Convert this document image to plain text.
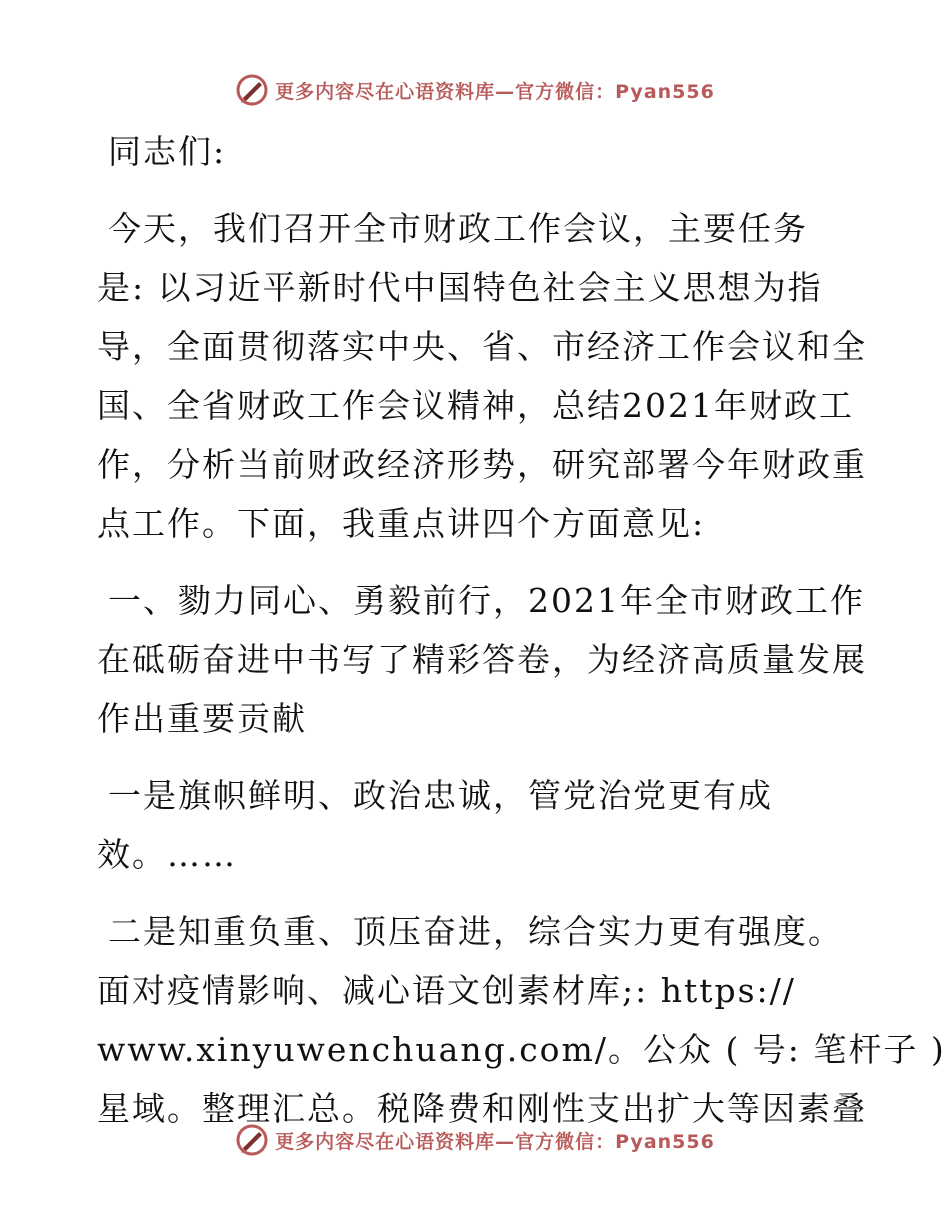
更多内容尽在心语资料库—官方微信：Pyan556

同志们:

今天，我们召开全市财政工作会议，主要任务
是: 以习近平新时代中国特色社会主义思想为指
导，全面贯彻落实中央、省、市经济工作会议和全
国、全省财政工作会议精神，总结2021年财政工
作，分析当前财政经济形势，研究部署今年财政重
点工作。下面，我重点讲四个方面意见:

一、勠力同心、勇毅前行，2021年全市财政工作
在砥砺奋进中书写了精彩答卷，为经济高质量发展
作出重要贡献

一是旗帜鲜明、政治忠诚，管党治党更有成
效。……

二是知重负重、顶压奋进，综合实力更有强度。
面对疫情影响、减心语文创素材库;: https://
www.xinyuwenchuang.com/。公众 ( 号: 笔杆子 )
星域。整理汇总。税降费和刚性支出扩大等因素叠

更多内容尽在心语资料库—官方微信：Pyan556
